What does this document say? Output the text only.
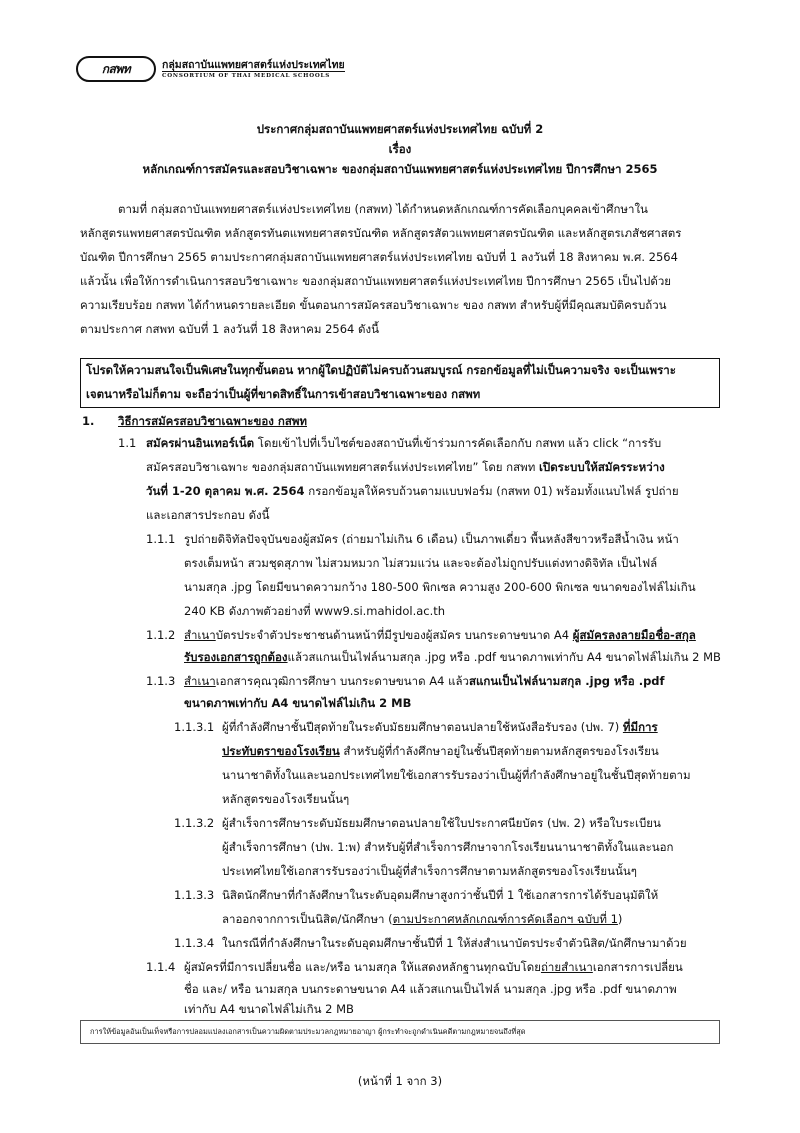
กสพท	กลุ่มสถาบันแพทยศาสตร์แห่งประเทศไทย
CONSORTIUM OF THAI MEDICAL SCHOOLS
ประกาศกลุ่มสถาบันแพทยศาสตร์แห่งประเทศไทย ฉบับที่ 2
เรื่อง
หลักเกณฑ์การสมัครและสอบวิชาเฉพาะ ของกลุ่มสถาบันแพทยศาสตร์แห่งประเทศไทย ปีการศึกษา 2565
ตามที่ กลุ่มสถาบันแพทยศาสตร์แห่งประเทศไทย (กสพท) ได้กำหนดหลักเกณฑ์การคัดเลือกบุคคลเข้าศึกษาใน
หลักสูตรแพทยศาสตรบัณฑิต หลักสูตรทันตแพทยศาสตรบัณฑิต หลักสูตรสัตวแพทยศาสตรบัณฑิต และหลักสูตรเภสัชศาสตร
บัณฑิต ปีการศึกษา 2565 ตามประกาศกลุ่มสถาบันแพทยศาสตร์แห่งประเทศไทย ฉบับที่ 1 ลงวันที่ 18 สิงหาคม พ.ศ. 2564
แล้วนั้น เพื่อให้การดำเนินการสอบวิชาเฉพาะ ของกลุ่มสถาบันแพทยศาสตร์แห่งประเทศไทย ปีการศึกษา 2565 เป็นไปด้วย
ความเรียบร้อย กสพท ได้กำหนดรายละเอียด ขั้นตอนการสมัครสอบวิชาเฉพาะ ของ กสพท สำหรับผู้ที่มีคุณสมบัติครบถ้วน
ตามประกาศ กสพท ฉบับที่ 1 ลงวันที่ 18 สิงหาคม 2564 ดังนี้
โปรดให้ความสนใจเป็นพิเศษในทุกขั้นตอน หากผู้ใดปฏิบัติไม่ครบถ้วนสมบูรณ์ กรอกข้อมูลที่ไม่เป็นความจริง จะเป็นเพราะ
เจตนาหรือไม่ก็ตาม จะถือว่าเป็นผู้ที่ขาดสิทธิ์ในการเข้าสอบวิชาเฉพาะของ กสพท
1. วิธีการสมัครสอบวิชาเฉพาะของ กสพท
1.1 สมัครผ่านอินเทอร์เน็ต โดยเข้าไปที่เว็บไซต์ของสถาบันที่เข้าร่วมการคัดเลือกกับ กสพท แล้ว click “การรับ
สมัครสอบวิชาเฉพาะ ของกลุ่มสถาบันแพทยศาสตร์แห่งประเทศไทย” โดย กสพท เปิดระบบให้สมัครระหว่าง
วันที่ 1-20 ตุลาคม พ.ศ. 2564 กรอกข้อมูลให้ครบถ้วนตามแบบฟอร์ม (กสพท 01) พร้อมทั้งแนบไฟล์ รูปถ่าย
และเอกสารประกอบ ดังนี้
1.1.1 รูปถ่ายดิจิทัลปัจจุบันของผู้สมัคร (ถ่ายมาไม่เกิน 6 เดือน) เป็นภาพเดี่ยว พื้นหลังสีขาวหรือสีน้ำเงิน หน้า
ตรงเต็มหน้า สวมชุดสุภาพ ไม่สวมหมวก ไม่สวมแว่น และจะต้องไม่ถูกปรับแต่งทางดิจิทัล เป็นไฟล์
นามสกุล .jpg โดยมีขนาดความกว้าง 180-500 พิกเซล ความสูง 200-600 พิกเซล ขนาดของไฟล์ไม่เกิน
240 KB ดังภาพตัวอย่างที่ www9.si.mahidol.ac.th
1.1.2 สำเนาบัตรประจำตัวประชาชนด้านหน้าที่มีรูปของผู้สมัคร บนกระดาษขนาด A4 ผู้สมัครลงลายมือชื่อ-สกุล
รับรองเอกสารถูกต้องแล้วสแกนเป็นไฟล์นามสกุล .jpg หรือ .pdf ขนาดภาพเท่ากับ A4 ขนาดไฟล์ไม่เกิน 2 MB
1.1.3 สำเนาเอกสารคุณวุฒิการศึกษา บนกระดาษขนาด A4 แล้วสแกนเป็นไฟล์นามสกุล .jpg หรือ .pdf
ขนาดภาพเท่ากับ A4 ขนาดไฟล์ไม่เกิน 2 MB
1.1.3.1 ผู้ที่กำลังศึกษาชั้นปีสุดท้ายในระดับมัธยมศึกษาตอนปลายใช้หนังสือรับรอง (ปพ. 7) ที่มีการ
ประทับตราของโรงเรียน สำหรับผู้ที่กำลังศึกษาอยู่ในชั้นปีสุดท้ายตามหลักสูตรของโรงเรียน
นานาชาติทั้งในและนอกประเทศไทยใช้เอกสารรับรองว่าเป็นผู้ที่กำลังศึกษาอยู่ในชั้นปีสุดท้ายตาม
หลักสูตรของโรงเรียนนั้นๆ
1.1.3.2 ผู้สำเร็จการศึกษาระดับมัธยมศึกษาตอนปลายใช้ใบประกาศนียบัตร (ปพ. 2) หรือใบระเบียน
ผู้สำเร็จการศึกษา (ปพ. 1:พ) สำหรับผู้ที่สำเร็จการศึกษาจากโรงเรียนนานาชาติทั้งในและนอก
ประเทศไทยใช้เอกสารรับรองว่าเป็นผู้ที่สำเร็จการศึกษาตามหลักสูตรของโรงเรียนนั้นๆ
1.1.3.3 นิสิตนักศึกษาที่กำลังศึกษาในระดับอุดมศึกษาสูงกว่าชั้นปีที่ 1 ใช้เอกสารการได้รับอนุมัติให้
ลาออกจากการเป็นนิสิต/นักศึกษา (ตามประกาศหลักเกณฑ์การคัดเลือกฯ ฉบับที่ 1)
1.1.3.4 ในกรณีที่กำลังศึกษาในระดับอุดมศึกษาชั้นปีที่ 1 ให้ส่งสำเนาบัตรประจำตัวนิสิต/นักศึกษามาด้วย
1.1.4 ผู้สมัครที่มีการเปลี่ยนชื่อ และ/หรือ นามสกุล ให้แสดงหลักฐานทุกฉบับโดยถ่ายสำเนาเอกสารการเปลี่ยน
ชื่อ และ/ หรือ นามสกุล บนกระดาษขนาด A4 แล้วสแกนเป็นไฟล์ นามสกุล .jpg หรือ .pdf ขนาดภาพ
เท่ากับ A4 ขนาดไฟล์ไม่เกิน 2 MB
การให้ข้อมูลอันเป็นเท็จหรือการปลอมแปลงเอกสารเป็นความผิดตามประมวลกฎหมายอาญา ผู้กระทำจะถูกดำเนินคดีตามกฎหมายจนถึงที่สุด
(หน้าที่ 1 จาก 3)
